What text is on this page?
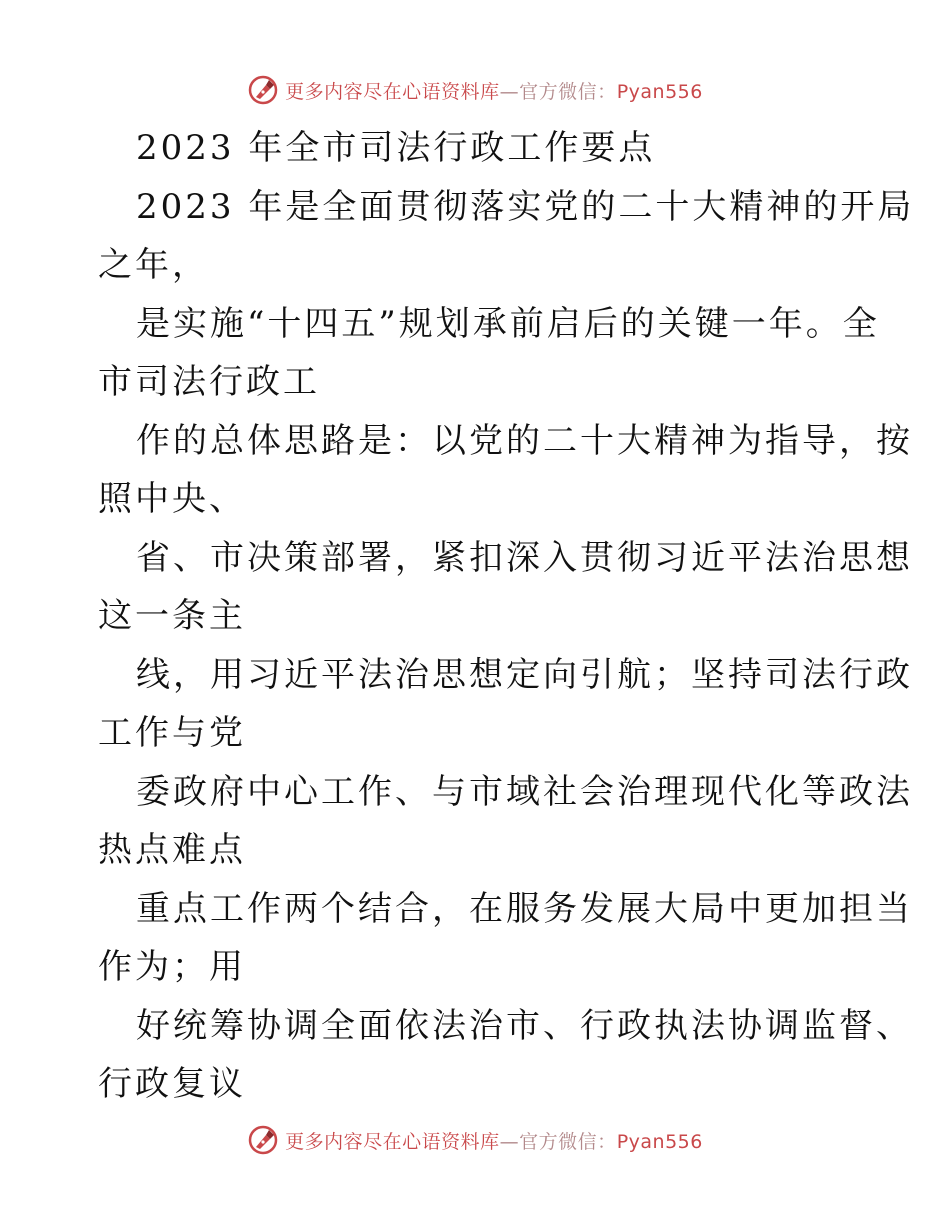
更多内容尽在心语资料库—官方微信：Pyan556
2023 年全市司法行政工作要点
2023 年是全面贯彻落实党的二十大精神的开局
之年，
是实施“十四五”规划承前启后的关键一年。全
市司法行政工
作的总体思路是：以党的二十大精神为指导，按
照中央、
省、市决策部署，紧扣深入贯彻习近平法治思想
这一条主
线，用习近平法治思想定向引航；坚持司法行政
工作与党
委政府中心工作、与市域社会治理现代化等政法
热点难点
重点工作两个结合，在服务发展大局中更加担当
作为；用
好统筹协调全面依法治市、行政执法协调监督、
行政复议
更多内容尽在心语资料库—官方微信：Pyan556
